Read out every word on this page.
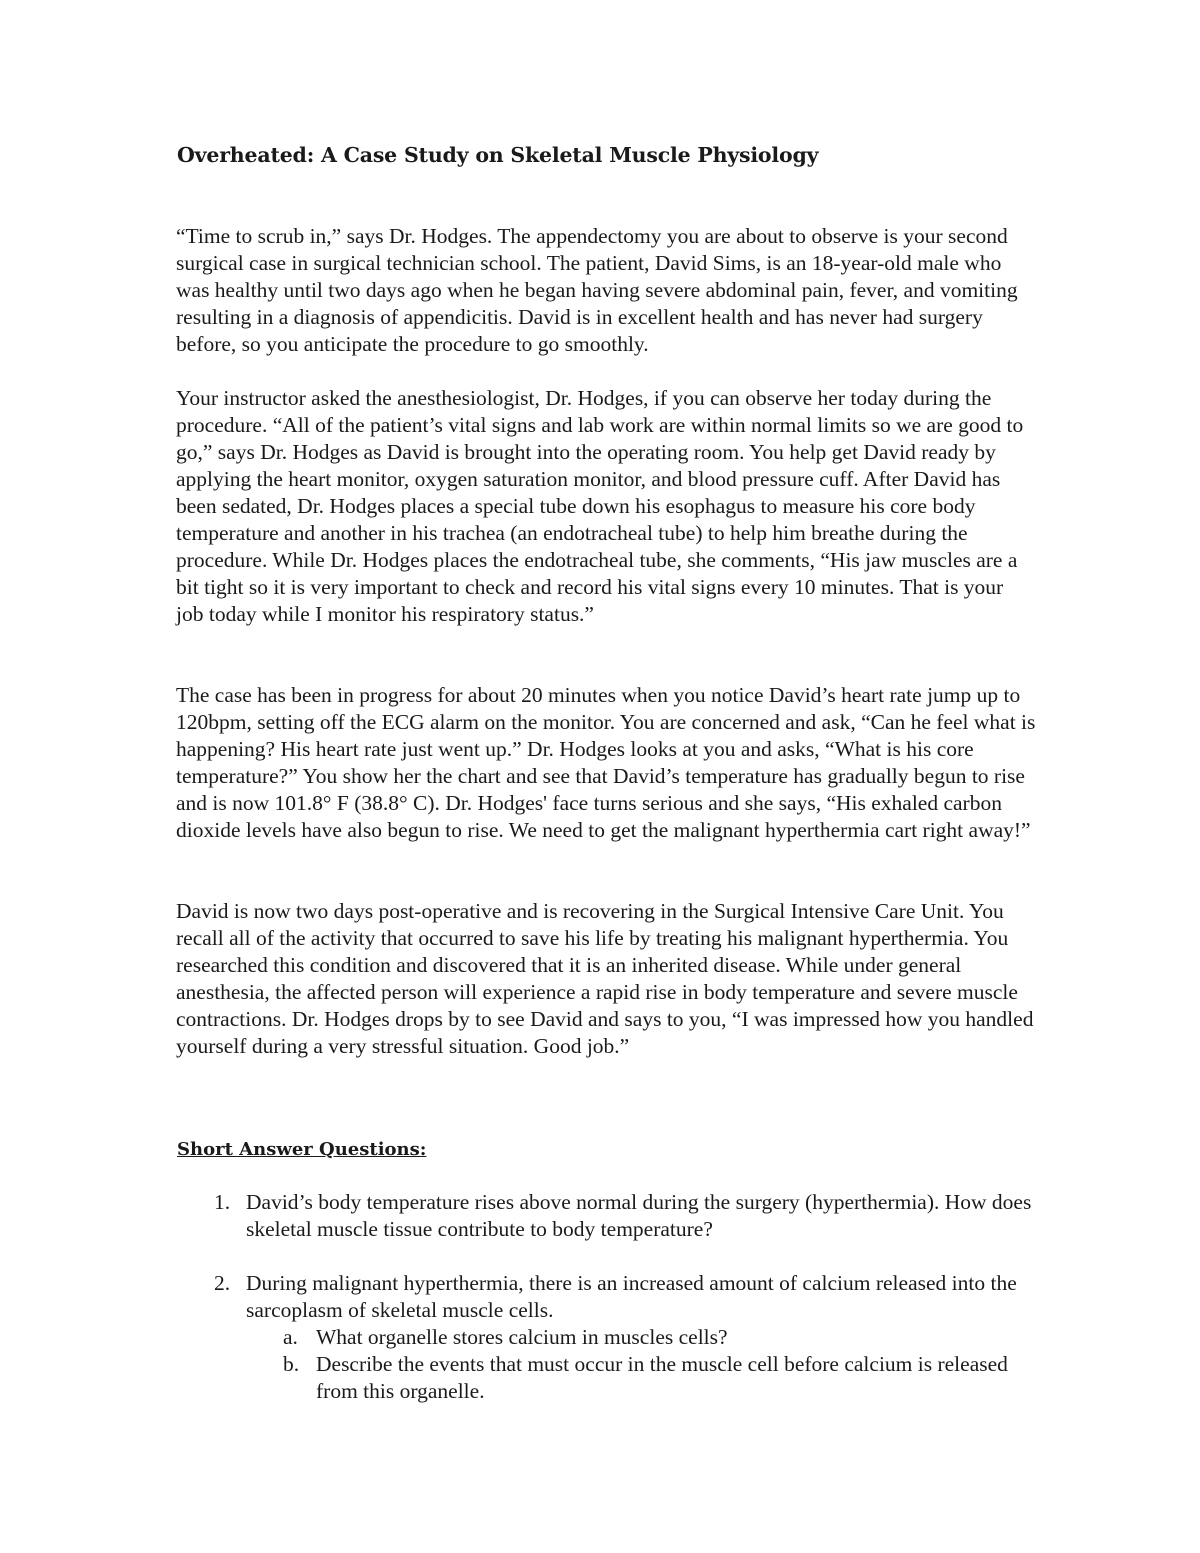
Overheated: A Case Study on Skeletal Muscle Physiology

“Time to scrub in,” says Dr. Hodges. The appendectomy you are about to observe is your second surgical case in surgical technician school. The patient, David Sims, is an 18-year-old male who was healthy until two days ago when he began having severe abdominal pain, fever, and vomiting resulting in a diagnosis of appendicitis. David is in excellent health and has never had surgery before, so you anticipate the procedure to go smoothly.

Your instructor asked the anesthesiologist, Dr. Hodges, if you can observe her today during the procedure. “All of the patient’s vital signs and lab work are within normal limits so we are good to go,” says Dr. Hodges as David is brought into the operating room. You help get David ready by applying the heart monitor, oxygen saturation monitor, and blood pressure cuff. After David has been sedated, Dr. Hodges places a special tube down his esophagus to measure his core body temperature and another in his trachea (an endotracheal tube) to help him breathe during the procedure. While Dr. Hodges places the endotracheal tube, she comments, “His jaw muscles are a bit tight so it is very important to check and record his vital signs every 10 minutes. That is your job today while I monitor his respiratory status.”

The case has been in progress for about 20 minutes when you notice David’s heart rate jump up to 120bpm, setting off the ECG alarm on the monitor. You are concerned and ask, “Can he feel what is happening? His heart rate just went up.” Dr. Hodges looks at you and asks, “What is his core temperature?” You show her the chart and see that David’s temperature has gradually begun to rise and is now 101.8° F (38.8° C). Dr. Hodges' face turns serious and she says, “His exhaled carbon dioxide levels have also begun to rise. We need to get the malignant hyperthermia cart right away!”

David is now two days post-operative and is recovering in the Surgical Intensive Care Unit. You recall all of the activity that occurred to save his life by treating his malignant hyperthermia. You researched this condition and discovered that it is an inherited disease. While under general anesthesia, the affected person will experience a rapid rise in body temperature and severe muscle contractions. Dr. Hodges drops by to see David and says to you, “I was impressed how you handled yourself during a very stressful situation. Good job.”

Short Answer Questions:
1. David’s body temperature rises above normal during the surgery (hyperthermia). How does skeletal muscle tissue contribute to body temperature?
2. During malignant hyperthermia, there is an increased amount of calcium released into the sarcoplasm of skeletal muscle cells.
a. What organelle stores calcium in muscles cells?
b. Describe the events that must occur in the muscle cell before calcium is released from this organelle.
